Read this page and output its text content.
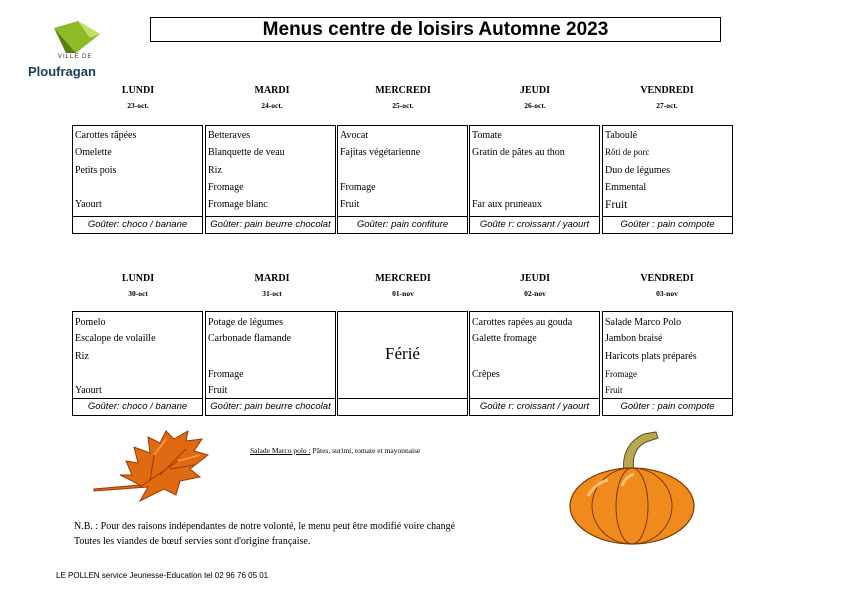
VILLE DE
Ploufragan
Menus centre de loisirs Automne 2023
LUNDI
23-oct.
Carottes râpées
Omelette
Petits pois
Yaourt
Goûter: choco / banane
MARDI
24-oct.
Betteraves
Blanquette de veau
Riz
Fromage
Fromage blanc
Goûter: pain beurre chocolat
MERCREDI
25-oct.
Avocat
Fajitas végétarienne
Fromage
Fruit
Goûter: pain confiture
JEUDI
26-oct.
Tomate
Gratin de pâtes au thon
Far aux pruneaux
Goûte r: croissant / yaourt
VENDREDI
27-oct.
Taboulé
Rôti de porc
Duo de légumes
Emmental
Fruit
Goûter : pain compote
LUNDI
30-oct
Pomelo
Escalope de volaille
Riz
Yaourt
Goûter: choco / banane
MARDI
31-oct
Potage de légumes
Carbonade flamande
Fromage
Fruit
Goûter: pain beurre chocolat
MERCREDI
01-nov
Férié
JEUDI
02-nov
Carottes rapées au gouda
Galette fromage
Crêpes
Goûte r: croissant / yaourt
VENDREDI
03-nov
Salade Marco Polo
Jambon braisé
Haricots plats préparés
Fromage
Fruit
Goûter : pain compote
Salade Marco polo : Pâtes, surimi, tomate et mayonnaise
N.B. : Pour des raisons indépendantes de notre volonté, le menu peut être modifié voire changé
Toutes les viandes de bœuf servies sont d'origine française.
LE POLLEN service Jeunesse-Education tel 02 96 76 05 01
